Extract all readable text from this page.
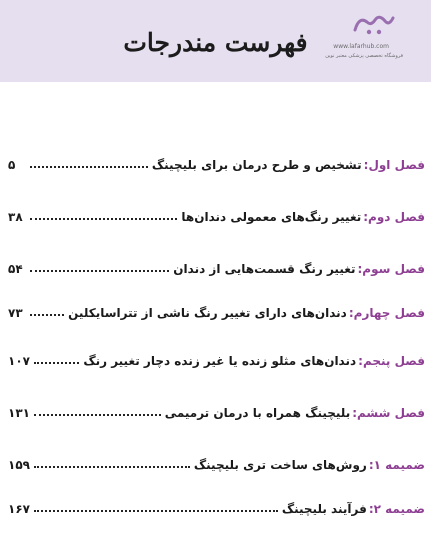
فهرست مندرجات	www.lafarhub.com
فروشگاه تخصصی پزشکی معتبر نوین
فصل اول:
تشخیص و طرح درمان برای بلیچینگ
۵
فصل دوم:
تغییر رنگ‌های معمولی دندان‌ها
۳۸
فصل سوم:
تغییر رنگ قسمت‌هایی از دندان
۵۴
فصل چهارم:
دندان‌های دارای تغییر رنگ ناشی از تتراسایکلین
۷۳
فصل پنجم:
دندان‌های مثلو زنده یا غیر زنده دچار تغییر رنگ
۱۰۷
فصل ششم:
بلیچینگ همراه با درمان ترمیمی
۱۳۱
ضمیمه ۱:
روش‌های ساخت تری بلیچینگ
۱۵۹
ضمیمه ۲:
فرآیند بلیچینگ
۱۶۷
